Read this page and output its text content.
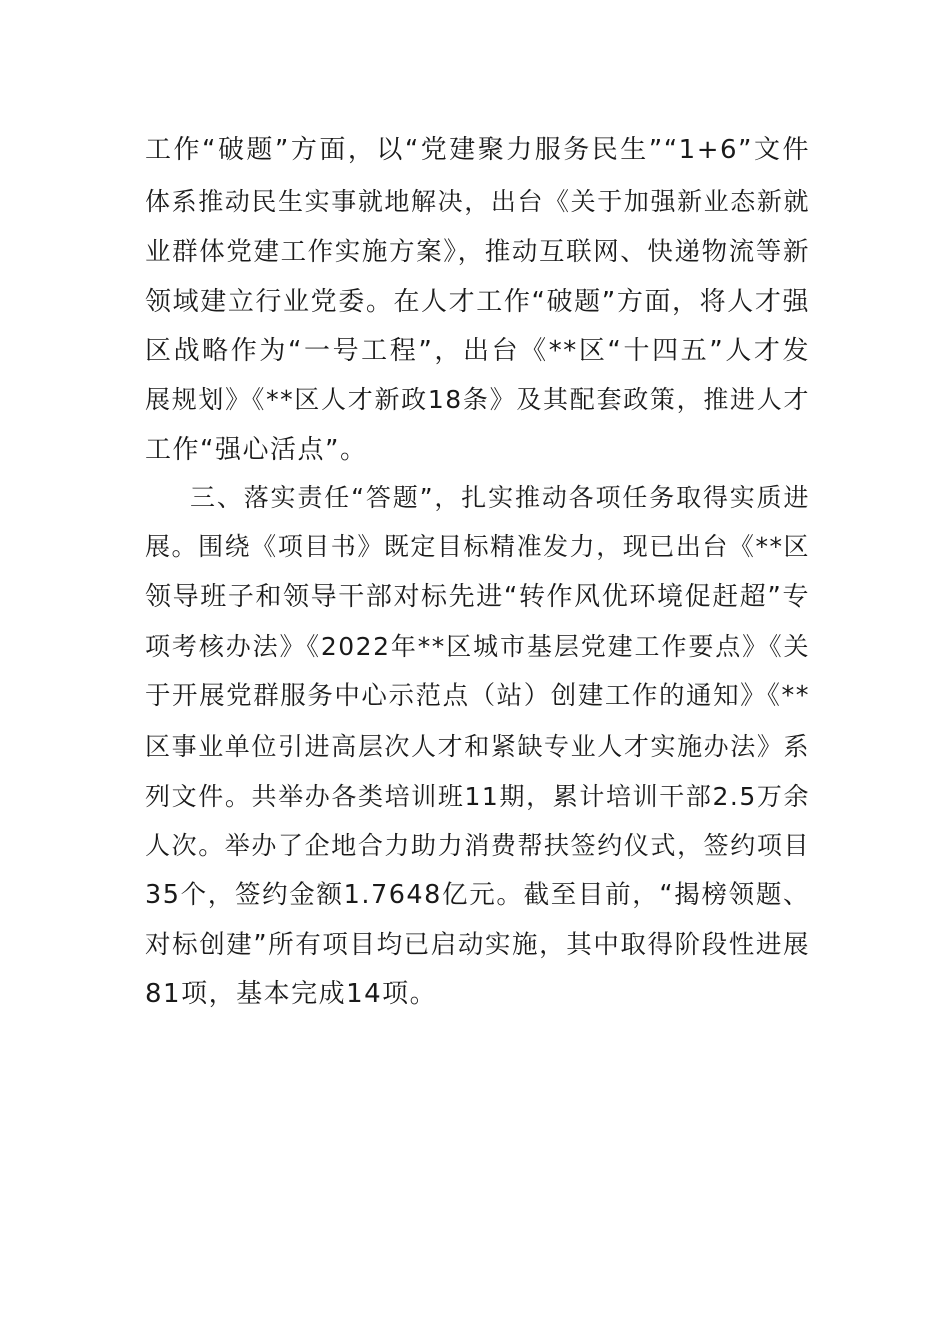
工作“破题”方面，以“党建聚力服务民生”“1+6”文件
体系推动民生实事就地解决，出台《关于加强新业态新就
业群体党建工作实施方案》，推动互联网、快递物流等新
领域建立行业党委。在人才工作“破题”方面，将人才强
区战略作为“一号工程”，出台《**区“十四五”人才发
展规划》《**区人才新政18条》及其配套政策，推进人才
工作“强心活点”。
三、落实责任“答题”，扎实推动各项任务取得实质进
展。围绕《项目书》既定目标精准发力，现已出台《**区
领导班子和领导干部对标先进“转作风优环境促赶超”专
项考核办法》《2022年**区城市基层党建工作要点》《关
于开展党群服务中心示范点（站）创建工作的通知》《**
区事业单位引进高层次人才和紧缺专业人才实施办法》系
列文件。共举办各类培训班11期，累计培训干部2.5万余
人次。举办了企地合力助力消费帮扶签约仪式，签约项目
35个，签约金额1.7648亿元。截至目前，“揭榜领题、
对标创建”所有项目均已启动实施，其中取得阶段性进展
81项，基本完成14项。
